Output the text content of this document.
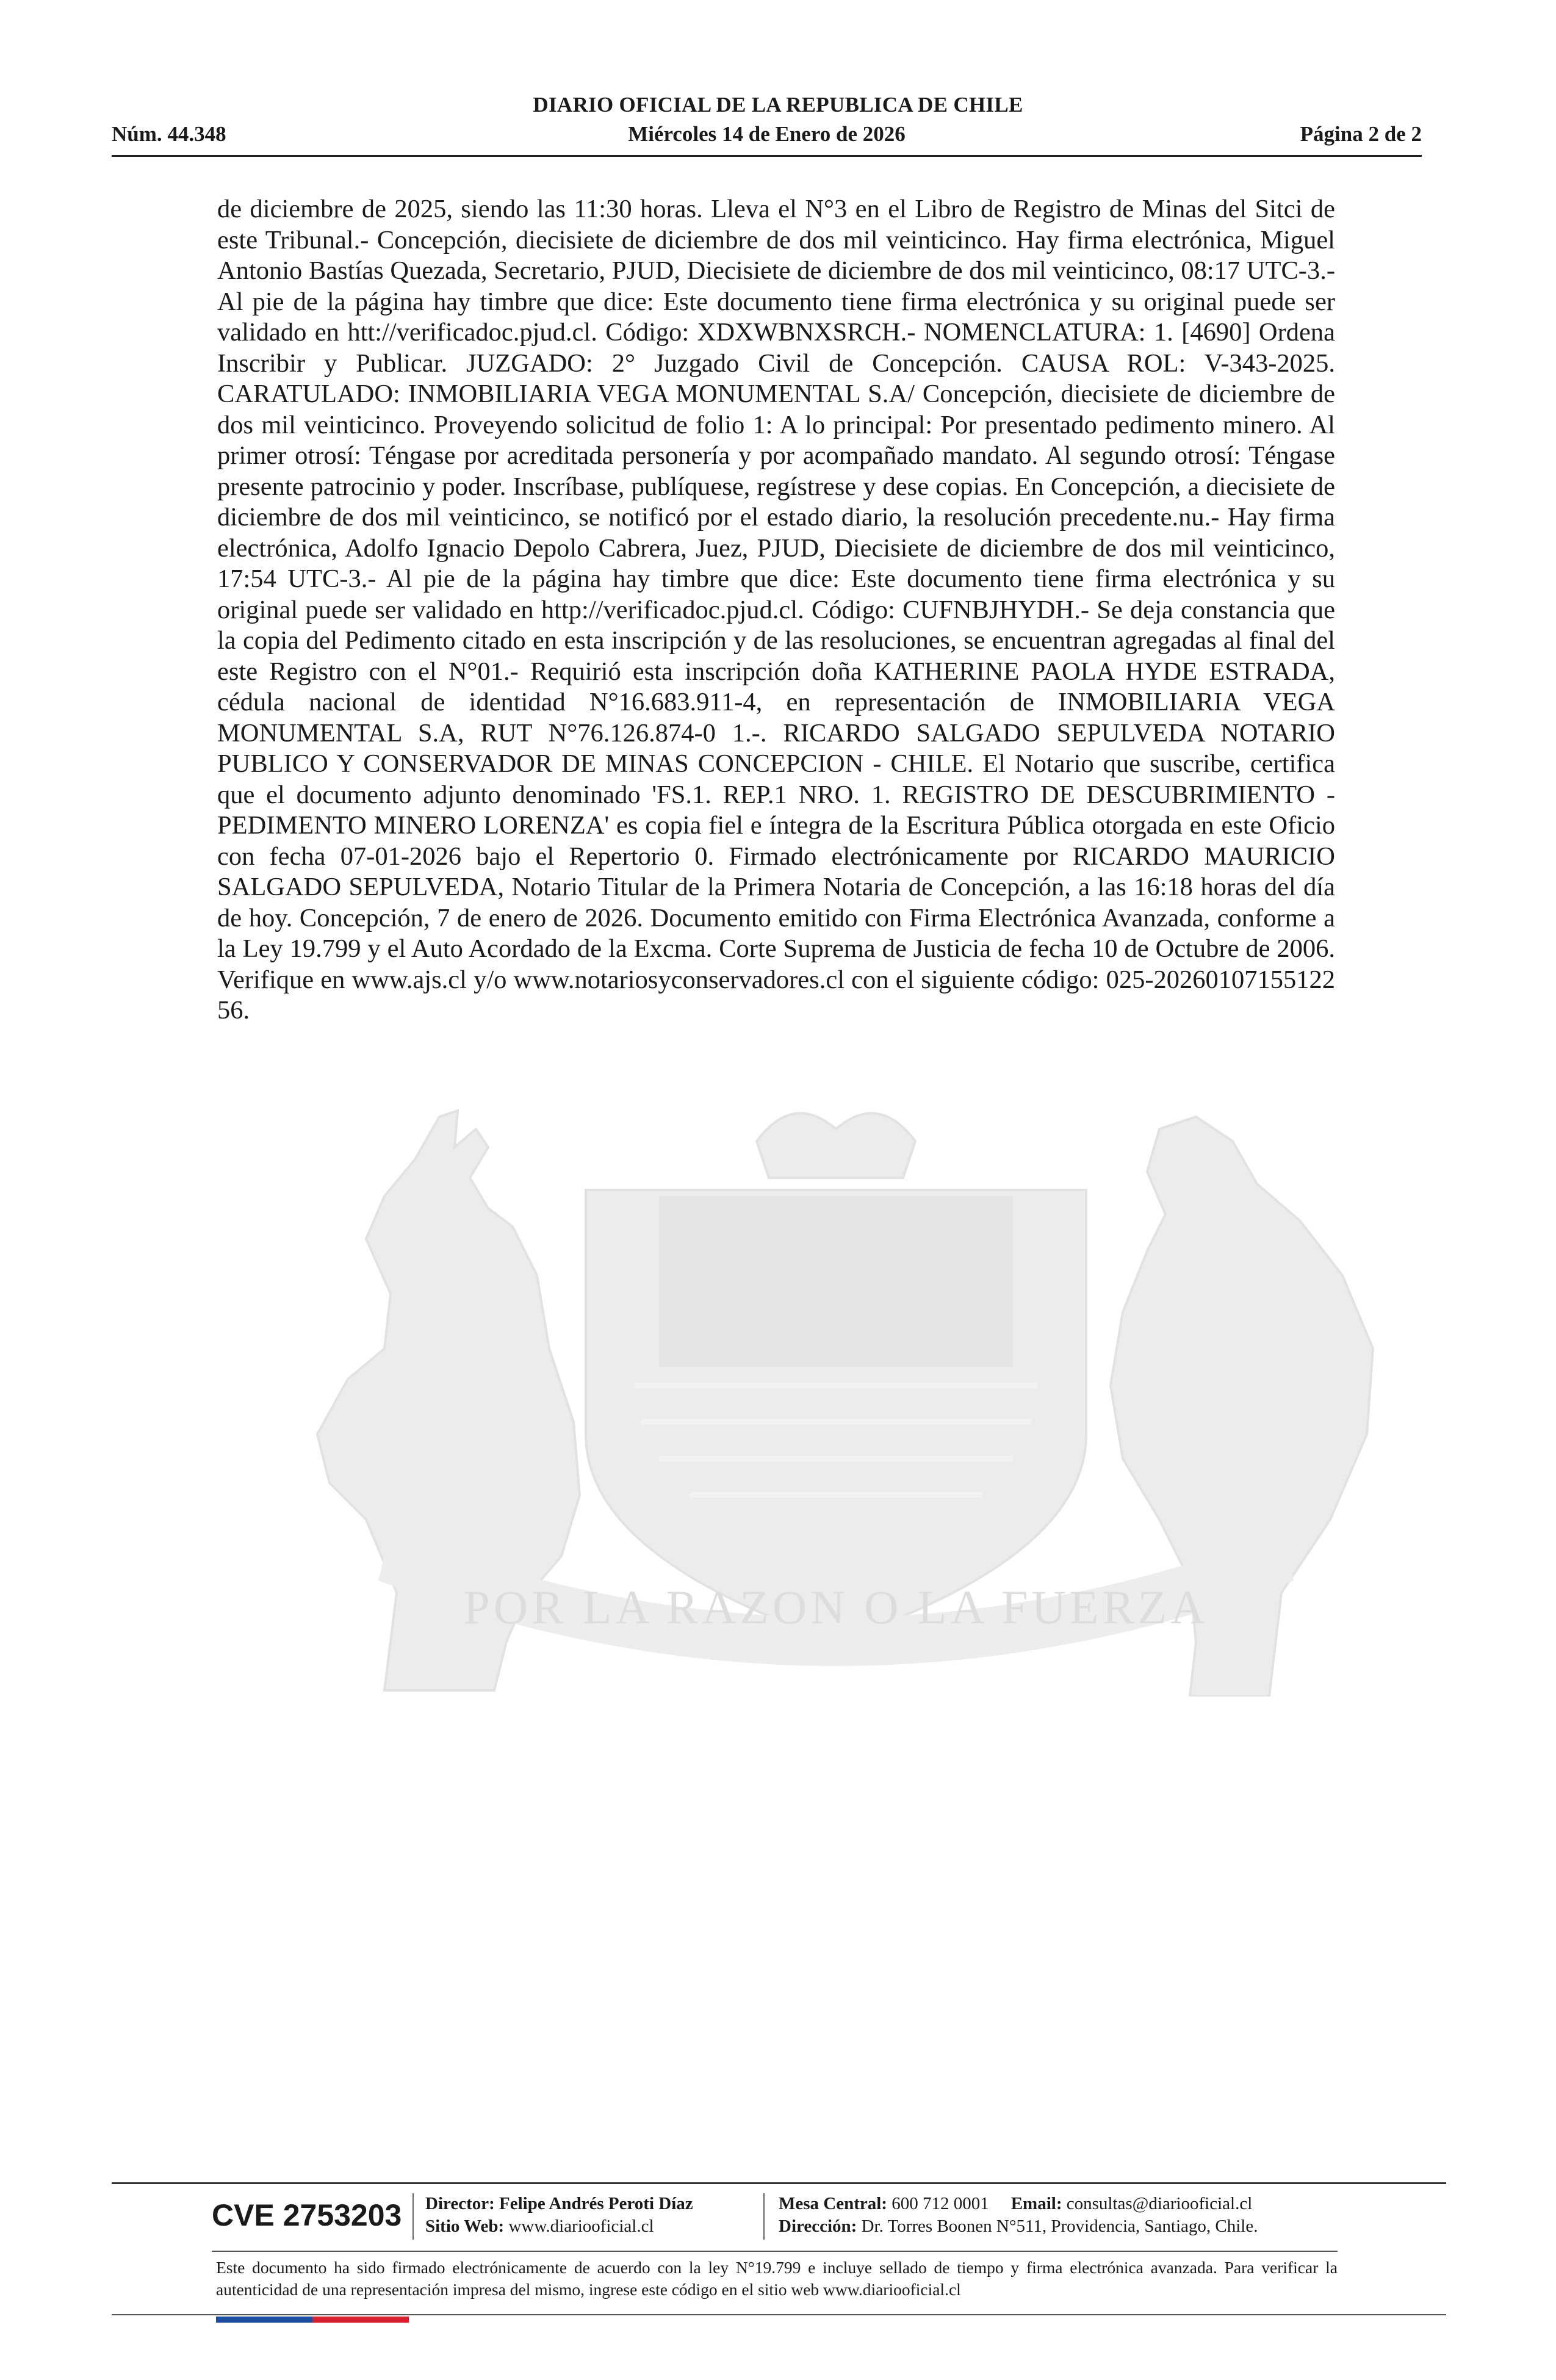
DIARIO OFICIAL DE LA REPUBLICA DE CHILE
Miércoles 14 de Enero de 2026
Núm. 44.348	Página 2 de 2
POR LA RAZON O LA FUERZA

de diciembre de 2025, siendo las 11:30 horas. Lleva el N°3 en el Libro de Registro de Minas del Sitci de este Tribunal.- Concepción, diecisiete de diciembre de dos mil veinticinco. Hay firma electrónica, Miguel Antonio Bastías Quezada, Secretario, PJUD, Diecisiete de diciembre de dos mil veinticinco, 08:17 UTC-3.- Al pie de la página hay timbre que dice: Este documento tiene firma electrónica y su original puede ser validado en htt://verificadoc.pjud.cl. Código: XDXWBNXSRCH.- NOMENCLATURA: 1. [4690] Ordena Inscribir y Publicar. JUZGADO: 2° Juzgado Civil de Concepción. CAUSA ROL: V-343-2025. CARATULADO: INMOBILIARIA VEGA MONUMENTAL S.A/ Concepción, diecisiete de diciembre de dos mil veinticinco. Proveyendo solicitud de folio 1: A lo principal: Por presentado pedimento minero. Al primer otrosí: Téngase por acreditada personería y por acompañado mandato. Al segundo otrosí: Téngase presente patrocinio y poder. Inscríbase, publíquese, regístrese y dese copias. En Concepción, a diecisiete de diciembre de dos mil veinticinco, se notificó por el estado diario, la resolución precedente.nu.- Hay firma electrónica, Adolfo Ignacio Depolo Cabrera, Juez, PJUD, Diecisiete de diciembre de dos mil veinticinco, 17:54 UTC-3.- Al pie de la página hay timbre que dice: Este documento tiene firma electrónica y su original puede ser validado en http://verificadoc.pjud.cl. Código: CUFNBJHYDH.- Se deja constancia que la copia del Pedimento citado en esta inscripción y de las resoluciones, se encuentran agregadas al final del este Registro con el N°01.- Requirió esta inscripción doña KATHERINE PAOLA HYDE ESTRADA, cédula nacional de identidad N°16.683.911-4, en representación de INMOBILIARIA VEGA MONUMENTAL S.A, RUT N°76.126.874-0 1.-. RICARDO SALGADO SEPULVEDA NOTARIO PUBLICO Y CONSERVADOR DE MINAS CONCEPCION - CHILE. El Notario que suscribe, certifica que el documento adjunto denominado 'FS.1. REP.1 NRO. 1. REGISTRO DE DESCUBRIMIENTO - PEDIMENTO MINERO LORENZA' es copia fiel e íntegra de la Escritura Pública otorgada en este Oficio con fecha 07-01-2026 bajo el Repertorio 0. Firmado electrónicamente por RICARDO MAURICIO SALGADO SEPULVEDA, Notario Titular de la Primera Notaria de Concepción, a las 16:18 horas del día de hoy. Concepción, 7 de enero de 2026. Documento emitido con Firma Electrónica Avanzada, conforme a la Ley 19.799 y el Auto Acordado de la Excma. Corte Suprema de Justicia de fecha 10 de Octubre de 2006. Verifique en www.ajs.cl y/o www.notariosyconservadores.cl con el siguiente código: 025-20260107155122 56.

CVE 2753203	Director: Felipe Andrés Peroti Díaz
Sitio Web: www.diariooficial.cl
Mesa Central: 600 712 0001 Email: consultas@diariooficial.cl
Dirección: Dr. Torres Boonen N°511, Providencia, Santiago, Chile.
Este documento ha sido firmado electrónicamente de acuerdo con la ley N°19.799 e incluye sellado de tiempo y firma electrónica avanzada. Para verificar la autenticidad de una representación impresa del mismo, ingrese este código en el sitio web www.diariooficial.cl
